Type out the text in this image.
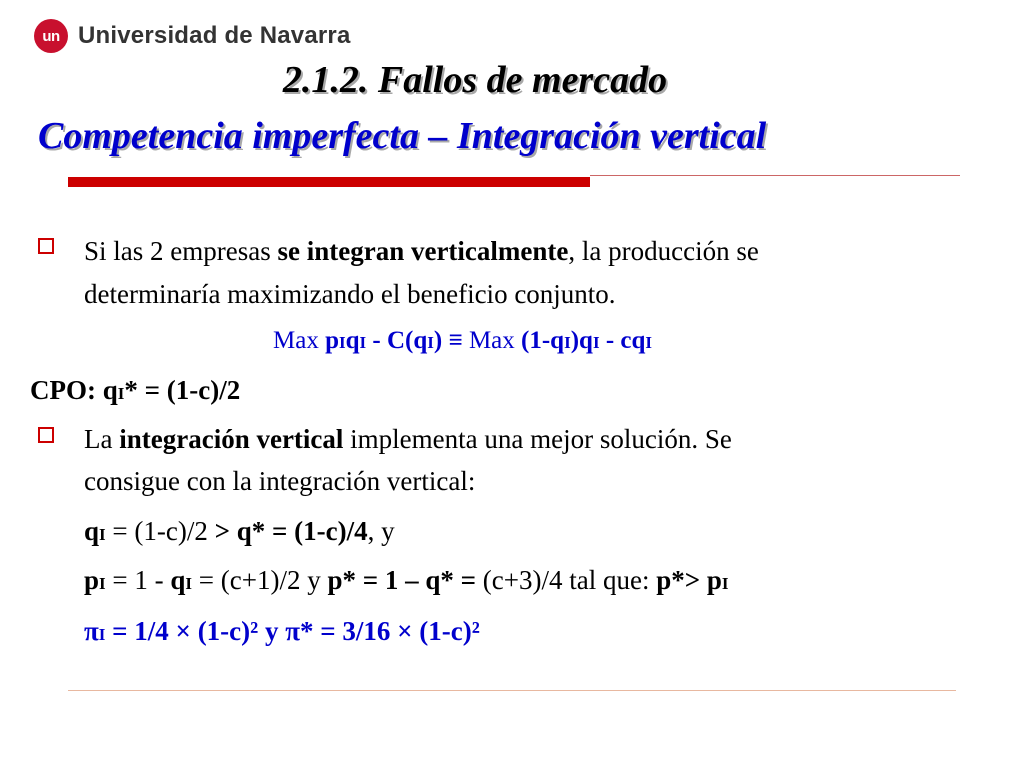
un Universidad de Navarra
2.1.2. Fallos de mercado
Competencia imperfecta – Integración vertical
Si las 2 empresas se integran verticalmente, la producción se
determinaría maximizando el beneficio conjunto.
Max pIqI - C(qI) ≡ Max (1-qI)qI - cqI
CPO: qI* = (1-c)/2
La integración vertical implementa una mejor solución. Se
consigue con la integración vertical:
qI = (1-c)/2 > q* = (1-c)/4, y
pI = 1 - qI = (c+1)/2 y p* = 1 – q* = (c+3)/4 tal que: p*> pI
πI = 1/4 × (1-c)² y π* = 3/16 × (1-c)²
